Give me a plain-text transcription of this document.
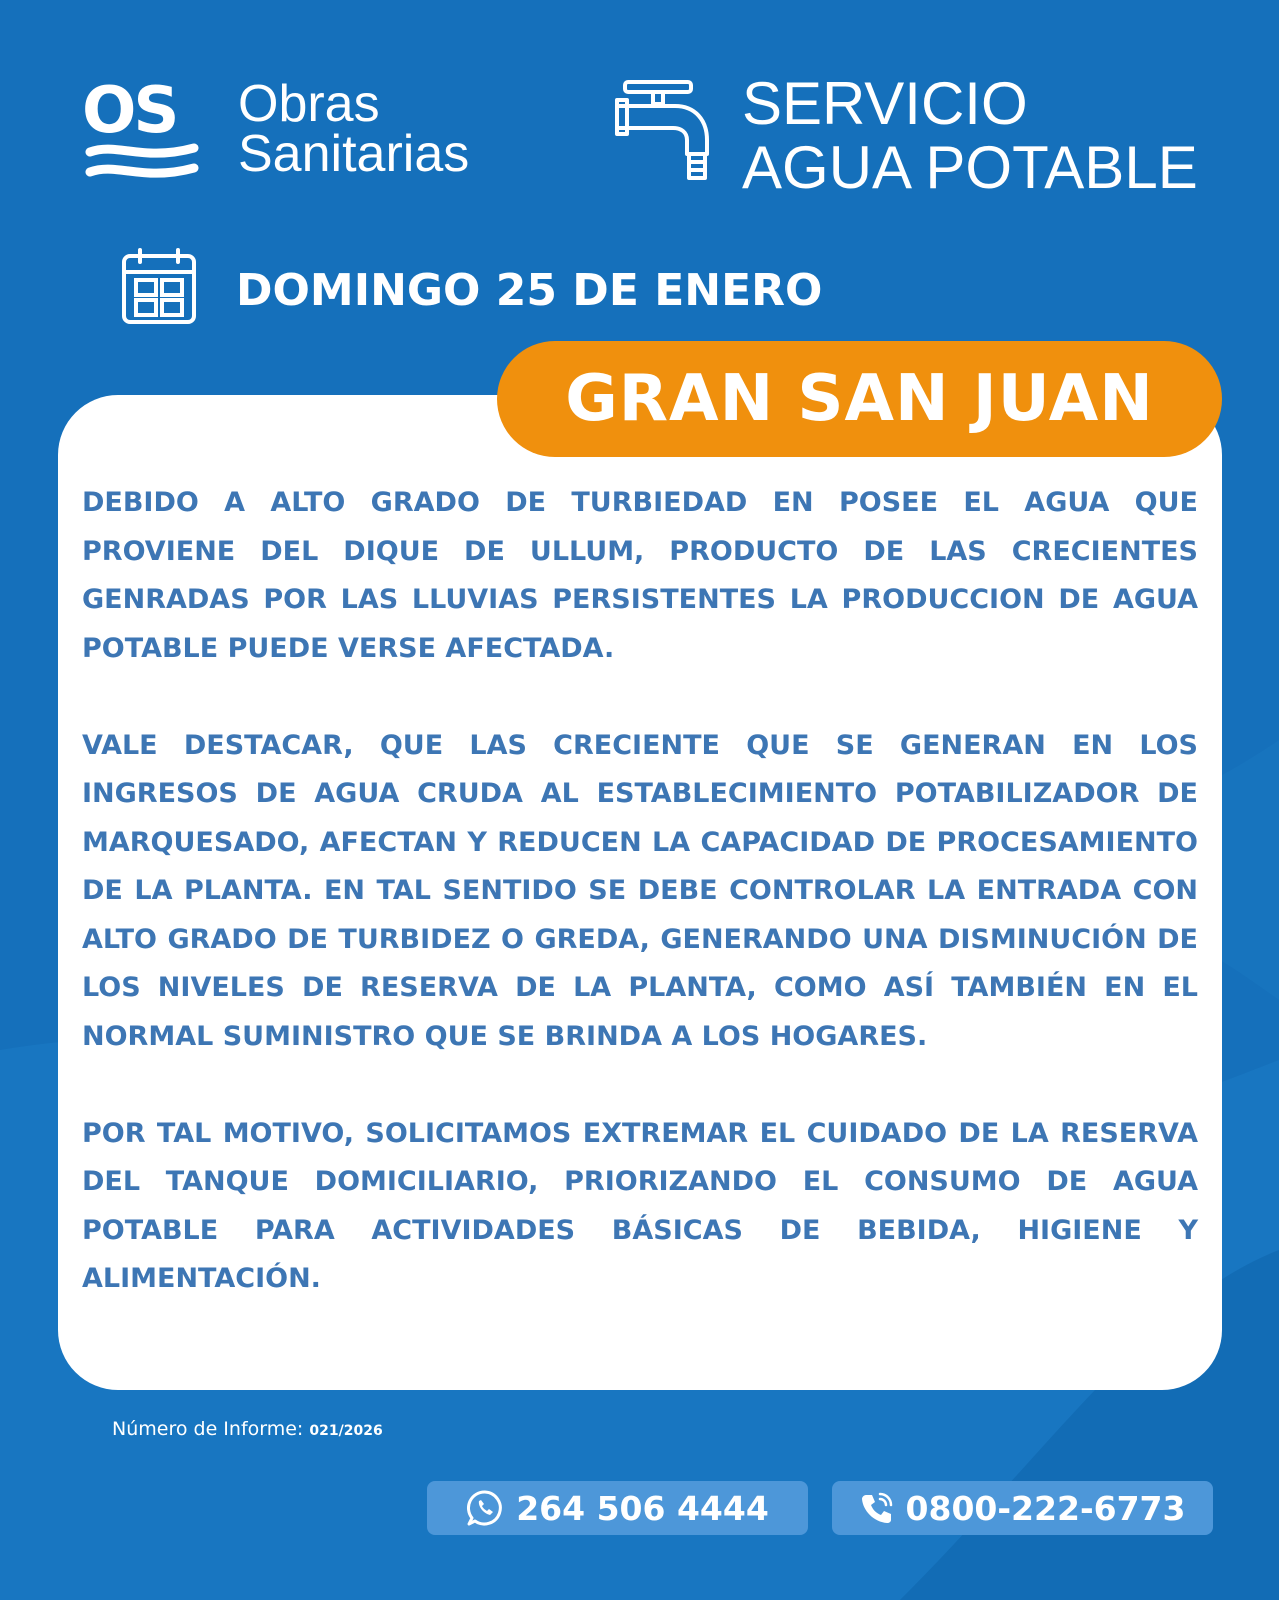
OS Obras
Sanitarias
SERVICIO
AGUA POTABLE
DOMINGO 25 DE ENERO
GRAN SAN JUAN

DEBIDO A ALTO GRADO DE TURBIEDAD EN POSEE EL AGUA QUE PROVIENE DEL DIQUE DE ULLUM, PRODUCTO DE LAS CRECIENTES GENRADAS POR LAS LLUVIAS PERSISTENTES LA PRODUCCION DE AGUA POTABLE PUEDE VERSE AFECTADA.

VALE DESTACAR, QUE LAS CRECIENTE QUE SE GENERAN EN LOS INGRESOS DE AGUA CRUDA AL ESTABLECIMIENTO POTABILIZADOR DE MARQUESADO, AFECTAN Y REDUCEN LA CAPACIDAD DE PROCESAMIENTO DE LA PLANTA. EN TAL SENTIDO SE DEBE CONTROLAR LA ENTRADA CON ALTO GRADO DE TURBIDEZ O GREDA, GENERANDO UNA DISMINUCIÓN DE LOS NIVELES DE RESERVA DE LA PLANTA, COMO ASÍ TAMBIÉN EN EL NORMAL SUMINISTRO QUE SE BRINDA A LOS HOGARES.

POR TAL MOTIVO, SOLICITAMOS EXTREMAR EL CUIDADO DE LA RESERVA DEL TANQUE DOMICILIARIO, PRIORIZANDO EL CONSUMO DE AGUA POTABLE PARA ACTIVIDADES BÁSICAS DE BEBIDA, HIGIENE Y ALIMENTACIÓN.

Número de Informe: 021/2026
264 506 4444	0800-222-6773
